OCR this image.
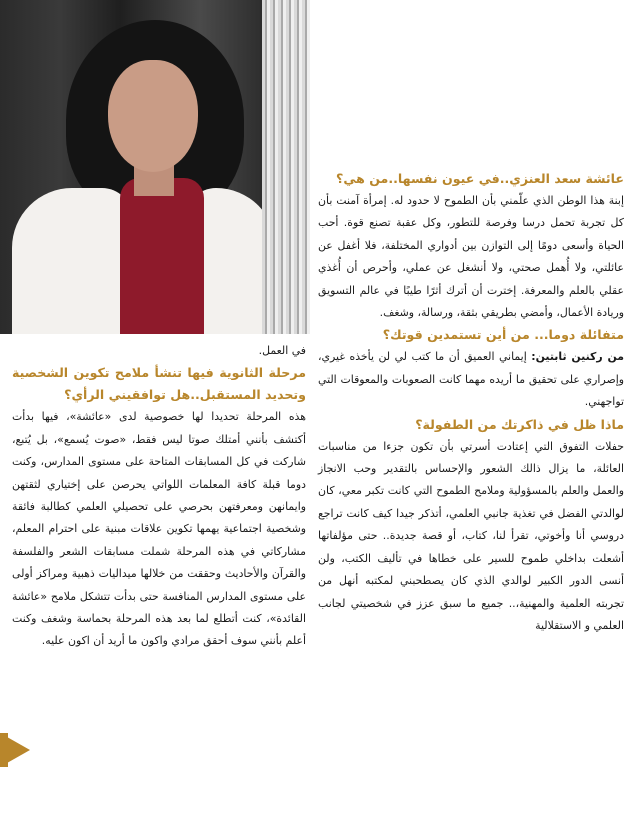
عائشة سعد العنزي..في عيون نفسها..من هي؟

إبنة هذا الوطن الذي علّمني بأن الطموح لا حدود له. إمرأة آمنت بأن كل تجربة تحمل درسا وفرصة للتطور، وكل عقبة تصنع قوة. أحب الحياة وأسعى دومًا إلى التوازن بين أدواري المختلفة، فلا أغفل عن عائلتي، ولا أُهمل صحتي، ولا أنشغل عن عملي، وأحرص أن أُغذي عقلي بالعلم والمعرفة. إخترت أن أترك أثرًا طيبًا في عالم التسويق وريادة الأعمال، وأمضي بطريقي بثقة، ورسالة، وشغف.

متفائلة دوما... من أين تستمدين قوتك؟

من ركنين ثابتين: إيماني العميق أن ما كتب لي لن يأخذه غيري، وإصراري على تحقيق ما أريده مهما كانت الصعوبات والمعوقات التي تواجهني.

ماذا ظل في ذاكرتك من الطفولة؟

حفلات التفوق التي إعتادت أسرتي بأن تكون جزءا من مناسبات العائلة، ما يزال ذالك الشعور والإحساس بالتقدير وحب الانجاز والعمل والعلم بالمسؤولية وملامح الطموح التي كانت تكبر معي، كان لوالدتي الفضل في تغذية جانبي العلمي، أتذكر جيدا كيف كانت تراجع دروسي أنا وأخوتي، تقرأ لنا، كتاب، أو قصة جديدة.. حتى مؤلفاتها أشعلت بداخلي طموح للسير على خطاها في تأليف الكتب، ولن أنسى الدور الكبير لوالدي الذي كان يصطحبني لمكتبه أنهل من تجربته العلمية والمهنية،.. جميع ما سبق عزز في شخصيتي لجانب العلمي و الاستقلالية

في العمل.

مرحلة الثانوية فيها تنشأ ملامح تكوين الشخصية وتحديد المستقبل..هل توافقيني الرأي؟

هذه المرحلة تحديدا لها خصوصية لدى «عائشة»، فيها بدأت أكتشف بأنني أمتلك صوتا ليس فقط، «صوت يُسمع»، بل يُتبع، شاركت في كل المسابقات المتاحة على مستوى المدارس، وكنت دوما قبلة كافة المعلمات اللواتي يحرصن على إختياري لثقتهن وايمانهن ومعرفتهن بحرصي على تحصيلي العلمي كطالبة فائقة وشخصية اجتماعية يهمها تكوين علاقات مبنية على احترام المعلم، مشاركاتي في هذه المرحلة شملت مسابقات الشعر والفلسفة والقرآن والأحاديث وحققت من خلالها ميداليات ذهبية ومراكز أولى على مستوى المدارس المنافسة حتى بدأت تتشكل ملامح «عائشة القائدة»، كنت أتطلع لما بعد هذه المرحلة بحماسة وشغف وكنت أعلم بأنني سوف أحقق مرادي واكون ما أريد أن اكون عليه.
